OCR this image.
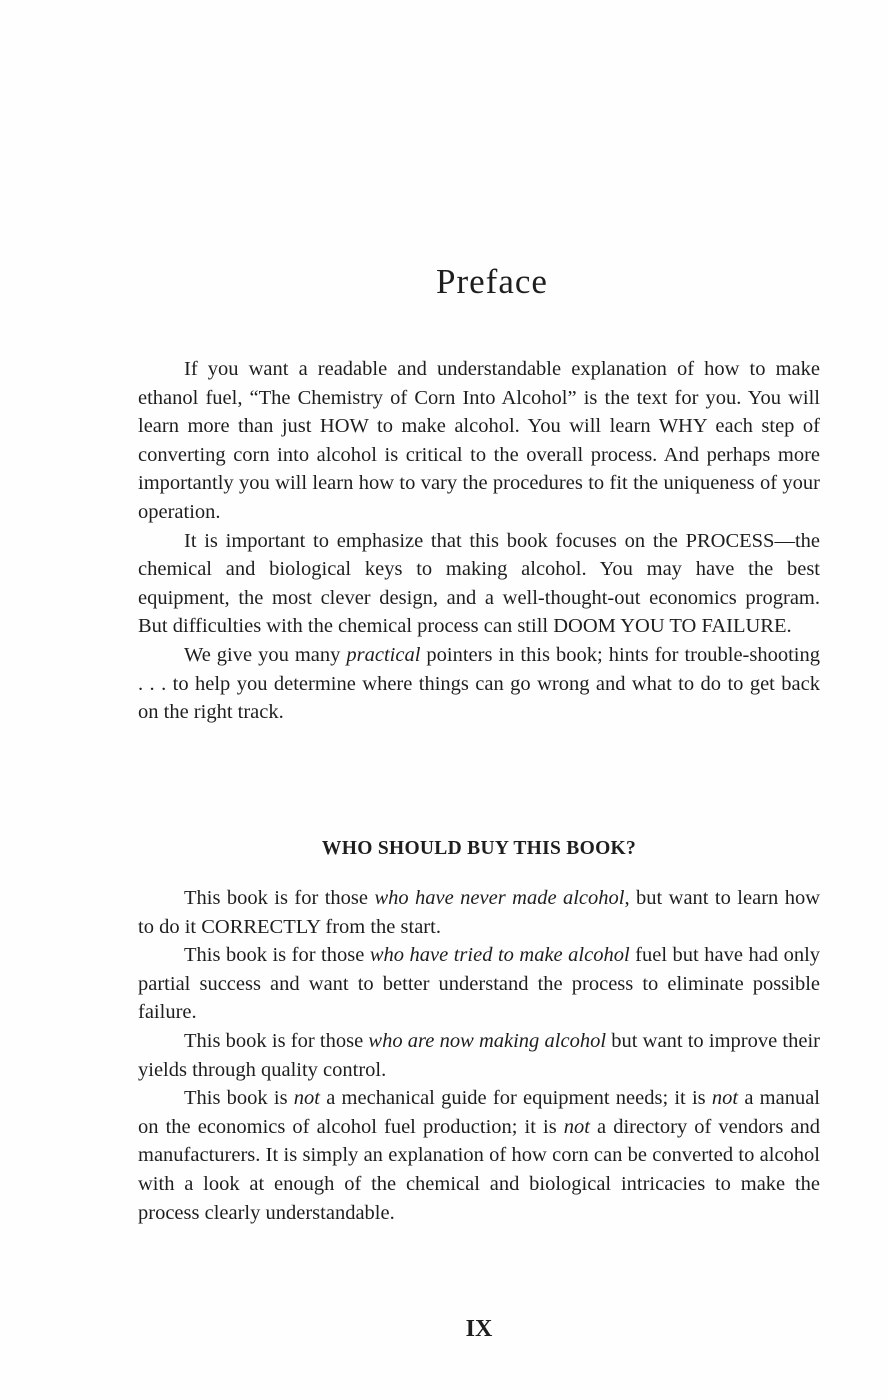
Preface

If you want a readable and understandable explanation of how to make ethanol fuel, “The Chemistry of Corn Into Alcohol” is the text for you. You will learn more than just HOW to make alcohol. You will learn WHY each step of converting corn into alcohol is critical to the overall process. And perhaps more importantly you will learn how to vary the procedures to fit the uniqueness of your operation.

It is important to emphasize that this book focuses on the PROCESS—the chemical and biological keys to making alcohol. You may have the best equipment, the most clever design, and a well-thought-out economics program. But difficulties with the chemical process can still DOOM YOU TO FAILURE.

We give you many practical pointers in this book; hints for trouble-shooting . . . to help you determine where things can go wrong and what to do to get back on the right track.

WHO SHOULD BUY THIS BOOK?

This book is for those who have never made alcohol, but want to learn how to do it CORRECTLY from the start.

This book is for those who have tried to make alcohol fuel but have had only partial success and want to better understand the process to eliminate possible failure.

This book is for those who are now making alcohol but want to improve their yields through quality control.

This book is not a mechanical guide for equipment needs; it is not a manual on the economics of alcohol fuel production; it is not a directory of vendors and manufacturers. It is simply an explanation of how corn can be converted to alcohol with a look at enough of the chemical and biological intricacies to make the process clearly understandable.

IX
